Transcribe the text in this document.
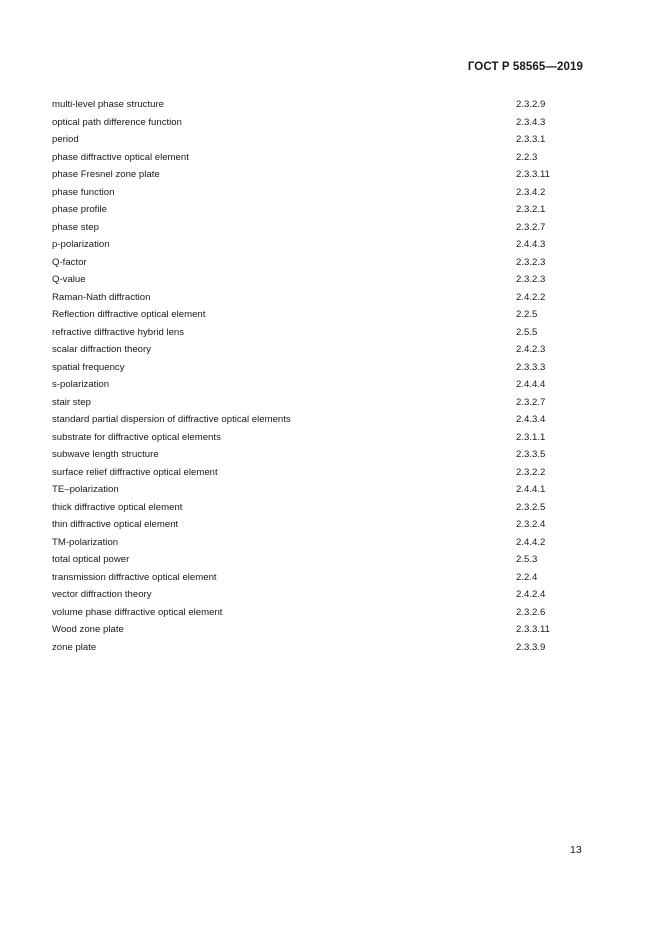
ГОСТ Р 58565—2019
multi-level phase structure	2.3.2.9
optical path difference function	2.3.4.3
period	2.3.3.1
phase diffractive optical element	2.2.3
phase Fresnel zone plate	2.3.3.11
phase function	2.3.4.2
phase profile	2.3.2.1
phase step	2.3.2.7
p-polarization	2.4.4.3
Q-factor	2.3.2.3
Q-value	2.3.2.3
Raman-Nath diffraction	2.4.2.2
Reflection diffractive optical element	2.2.5
refractive diffractive hybrid lens	2.5.5
scalar diffraction theory	2.4.2.3
spatial frequency	2.3.3.3
s-polarization	2.4.4.4
stair step	2.3.2.7
standard partial dispersion of diffractive optical elements	2.4.3.4
substrate for diffractive optical elements	2.3.1.1
subwave length structure	2.3.3.5
surface relief diffractive optical element	2.3.2.2
TE–polarization	2.4.4.1
thick diffractive optical element	2.3.2.5
thin diffractive optical element	2.3.2.4
TM-polarization	2.4.4.2
total optical power	2.5.3
transmission diffractive optical element	2.2.4
vector diffraction theory	2.4.2.4
volume phase diffractive optical element	2.3.2.6
Wood zone plate	2.3.3.11
zone plate	2.3.3.9
13
